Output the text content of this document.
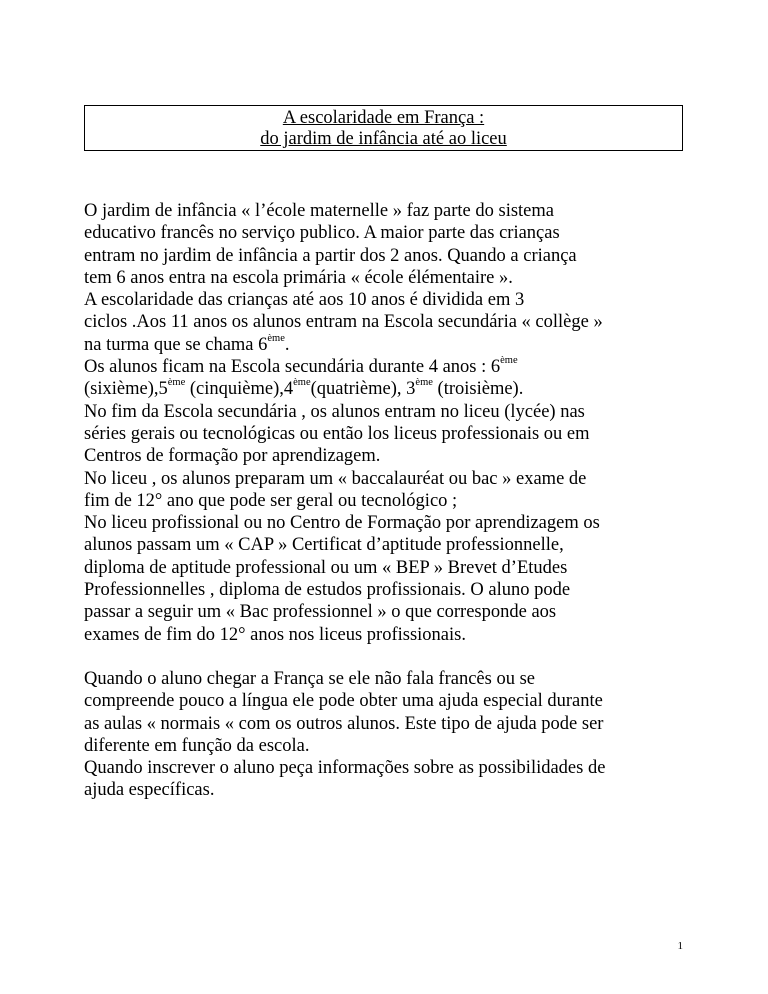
A escolaridade em França :
do jardim de infância até ao liceu
O jardim de infância « l’école maternelle » faz parte do sistema
educativo francês no serviço publico. A maior parte das crianças
entram no jardim de infância a partir dos 2 anos. Quando a criança
tem 6 anos entra na escola primária « école élémentaire ».
A escolaridade das crianças até aos 10 anos é dividida em 3
ciclos .Aos 11 anos os alunos entram na Escola secundária « collège »
na turma que se chama 6ème.
Os alunos ficam na Escola secundária durante 4 anos : 6ème
(sixième),5ème (cinquième),4ème(quatrième), 3ème (troisième).
No fim da Escola secundária , os alunos entram no liceu (lycée) nas
séries gerais ou tecnológicas ou então los liceus professionais ou em
Centros de formação por aprendizagem.
No liceu , os alunos preparam um « baccalauréat ou bac » exame de
fim de 12° ano que pode ser geral ou tecnológico ;
No liceu profissional ou no Centro de Formação por aprendizagem os
alunos passam um « CAP » Certificat d’aptitude professionnelle,
diploma de aptitude professional ou um « BEP » Brevet d’Etudes
Professionnelles , diploma de estudos profissionais. O aluno pode
passar a seguir um « Bac professionnel » o que corresponde aos
exames de fim do 12° anos nos liceus profissionais.
Quando o aluno chegar a França se ele não fala francês ou se
compreende pouco a língua ele pode obter uma ajuda especial durante
as aulas « normais « com os outros alunos. Este tipo de ajuda pode ser
diferente em função da escola.
Quando inscrever o aluno peça informações sobre as possibilidades de
ajuda específicas.
1
